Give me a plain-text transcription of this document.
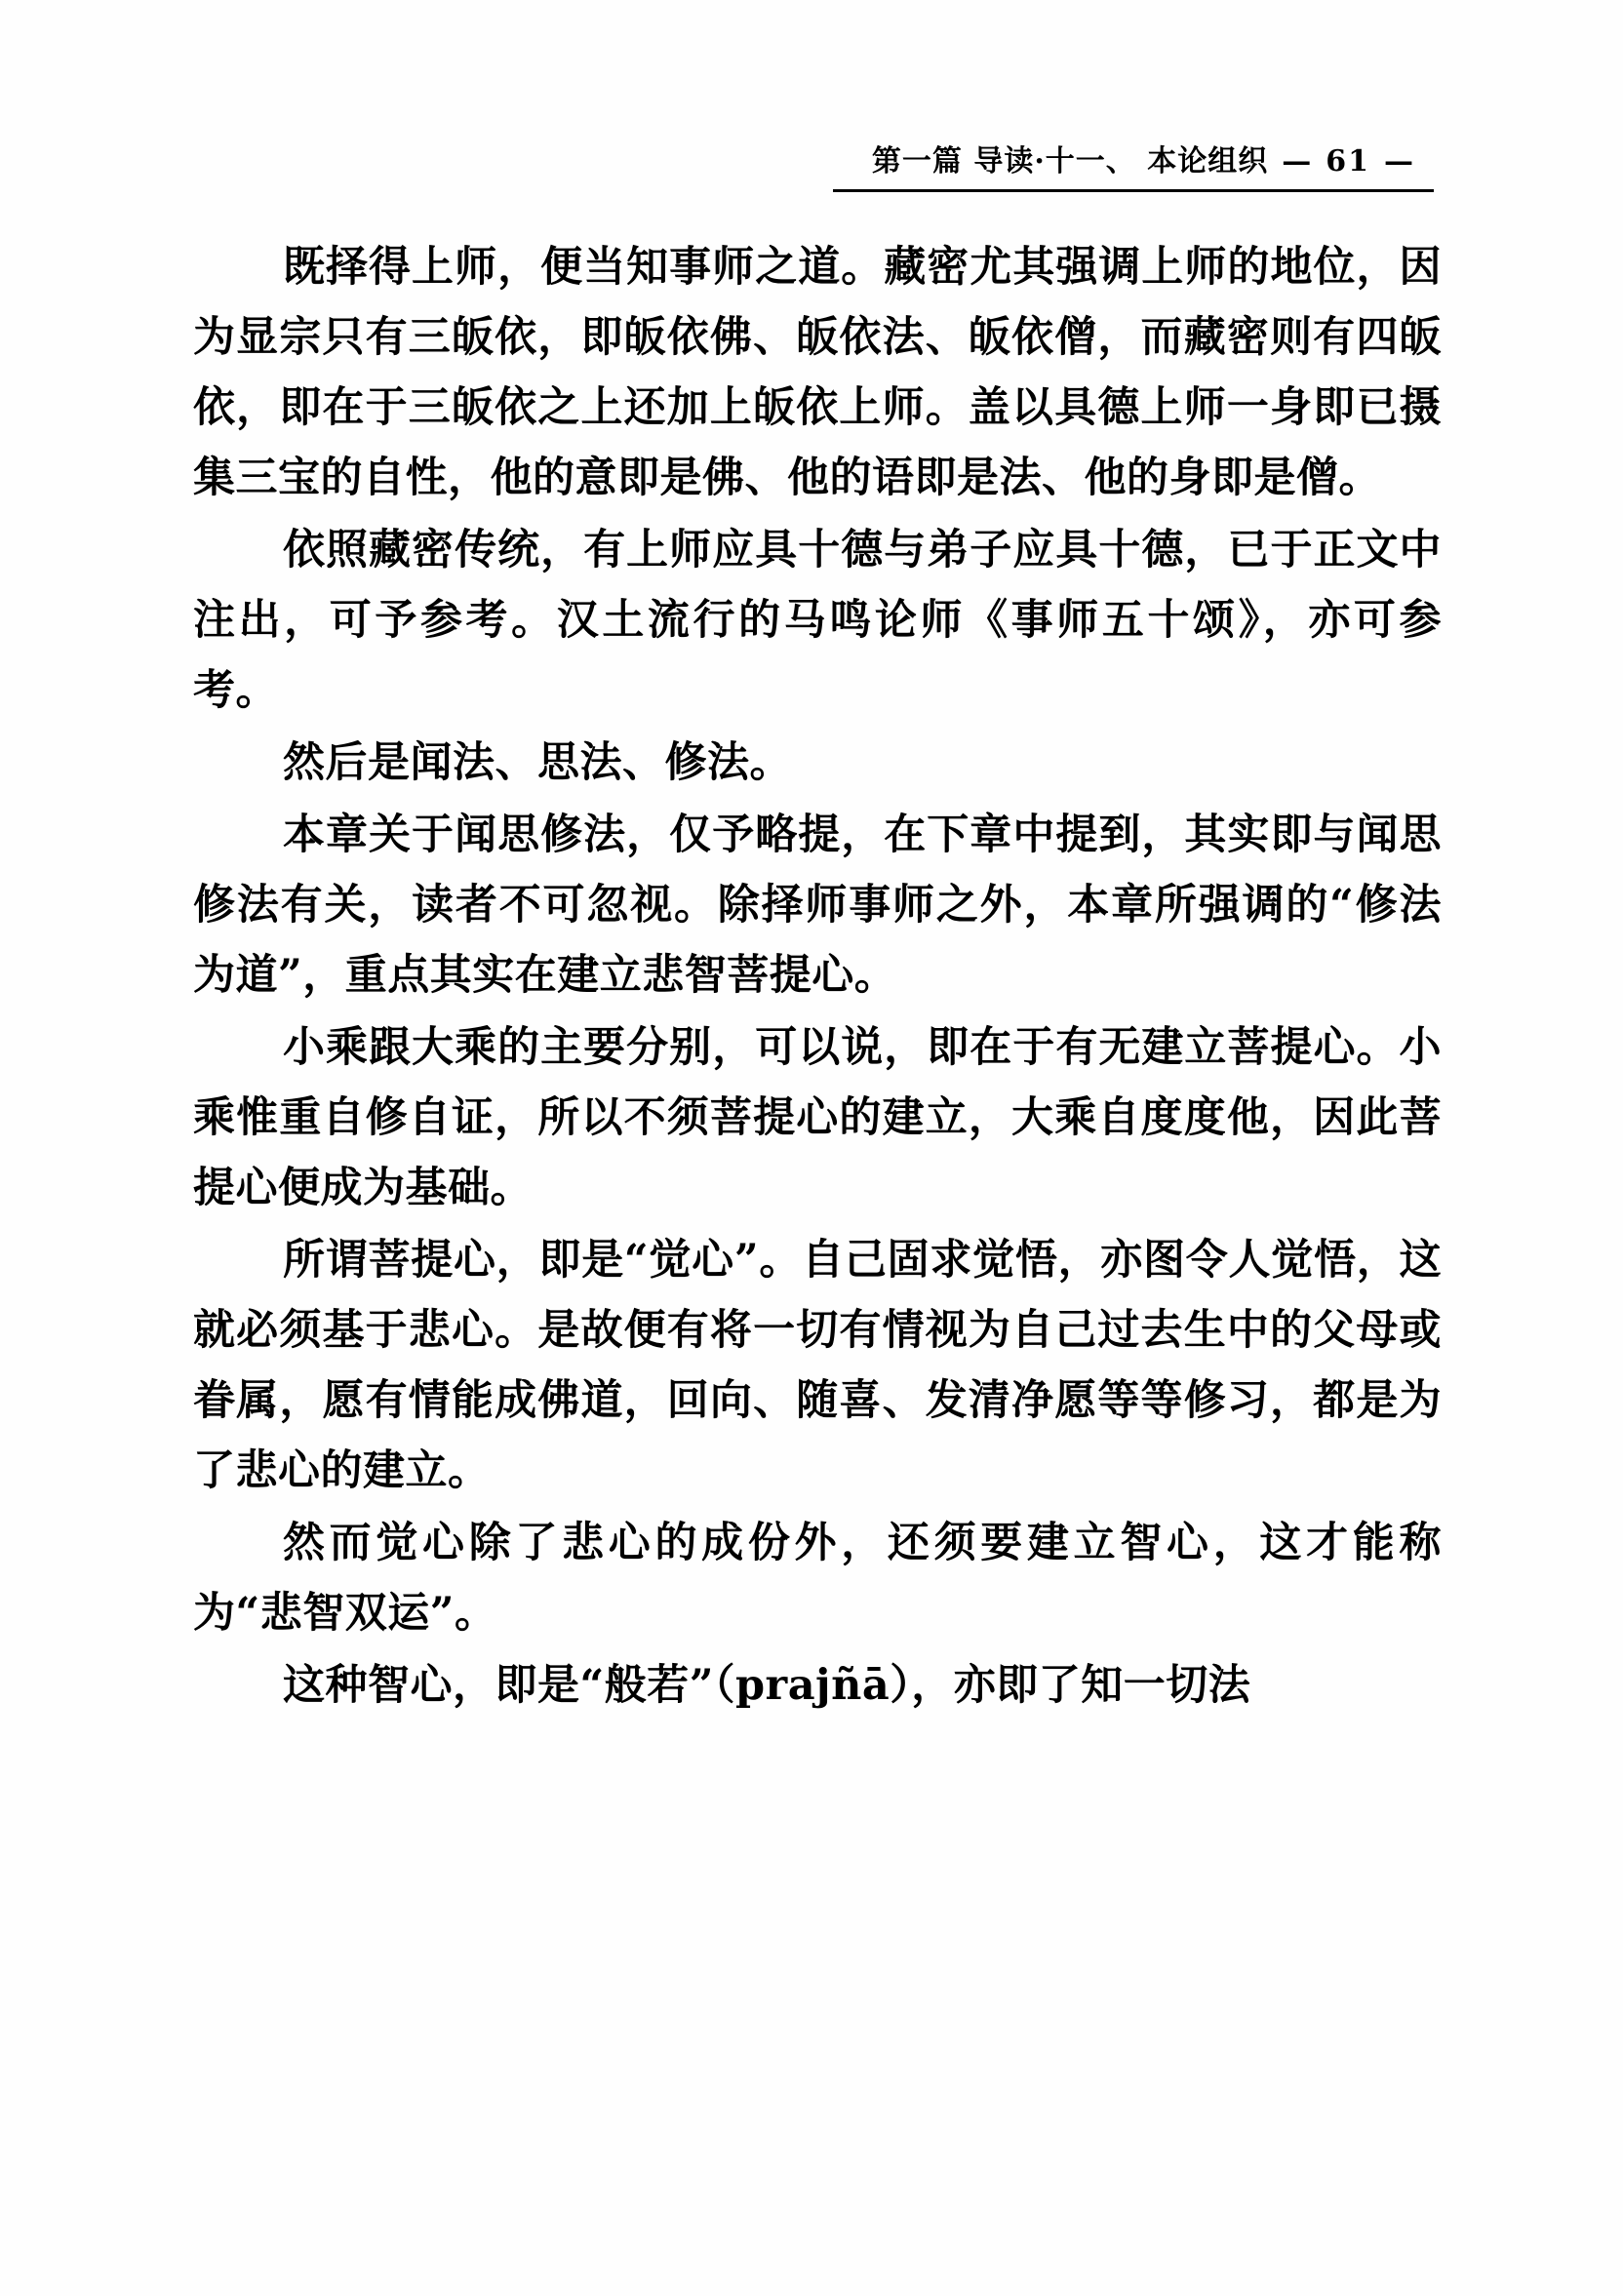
第一篇 导读·十一、 本论组织 — 61 —

既择得上师，便当知事师之道。藏密尤其强调上师的地位，因为显宗只有三皈依，即皈依佛、皈依法、皈依僧，而藏密则有四皈依，即在于三皈依之上还加上皈依上师。盖以具德上师一身即已摄集三宝的自性，他的意即是佛、他的语即是法、他的身即是僧。

依照藏密传统，有上师应具十德与弟子应具十德，已于正文中注出，可予参考。汉土流行的马鸣论师《事师五十颂》，亦可参考。

然后是闻法、思法、修法。

本章关于闻思修法，仅予略提，在下章中提到，其实即与闻思修法有关，读者不可忽视。除择师事师之外，本章所强调的“修法为道”，重点其实在建立悲智菩提心。

小乘跟大乘的主要分别，可以说，即在于有无建立菩提心。小乘惟重自修自证，所以不须菩提心的建立，大乘自度度他，因此菩提心便成为基础。

所谓菩提心，即是“觉心”。自己固求觉悟，亦图令人觉悟，这就必须基于悲心。是故便有将一切有情视为自己过去生中的父母或眷属，愿有情能成佛道，回向、随喜、发清净愿等等修习，都是为了悲心的建立。

然而觉心除了悲心的成份外，还须要建立智心，这才能称为“悲智双运”。

这种智心，即是“般若”（prajñā），亦即了知一切法
